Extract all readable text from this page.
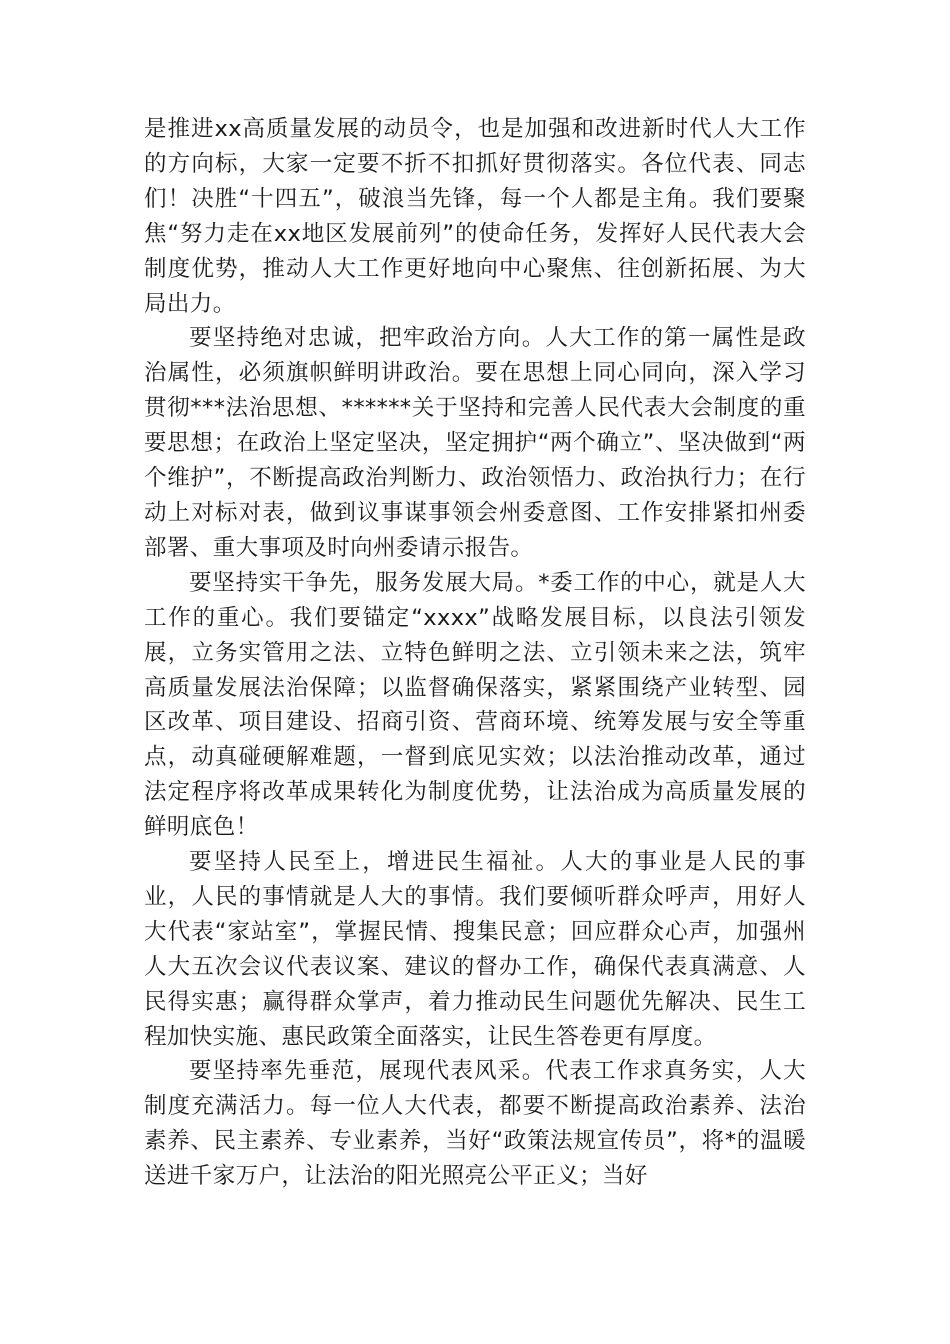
是推进xx高质量发展的动员令，也是加强和改进新时代人大工作的方向标，大家一定要不折不扣抓好贯彻落实。各位代表、同志们！决胜“十四五”，破浪当先锋，每一个人都是主角。我们要聚焦“努力走在xx地区发展前列”的使命任务，发挥好人民代表大会制度优势，推动人大工作更好地向中心聚焦、往创新拓展、为大局出力。

要坚持绝对忠诚，把牢政治方向。人大工作的第一属性是政治属性，必须旗帜鲜明讲政治。要在思想上同心同向，深入学习贯彻***法治思想、******关于坚持和完善人民代表大会制度的重要思想；在政治上坚定坚决，坚定拥护“两个确立”、坚决做到“两个维护”，不断提高政治判断力、政治领悟力、政治执行力；在行动上对标对表，做到议事谋事领会州委意图、工作安排紧扣州委部署、重大事项及时向州委请示报告。

要坚持实干争先，服务发展大局。*委工作的中心，就是人大工作的重心。我们要锚定“xxxx”战略发展目标，以良法引领发展，立务实管用之法、立特色鲜明之法、立引领未来之法，筑牢高质量发展法治保障；以监督确保落实，紧紧围绕产业转型、园区改革、项目建设、招商引资、营商环境、统筹发展与安全等重点，动真碰硬解难题，一督到底见实效；以法治推动改革，通过法定程序将改革成果转化为制度优势，让法治成为高质量发展的鲜明底色！

要坚持人民至上，增进民生福祉。人大的事业是人民的事业，人民的事情就是人大的事情。我们要倾听群众呼声，用好人大代表“家站室”，掌握民情、搜集民意；回应群众心声，加强州人大五次会议代表议案、建议的督办工作，确保代表真满意、人民得实惠；赢得群众掌声，着力推动民生问题优先解决、民生工程加快实施、惠民政策全面落实，让民生答卷更有厚度。

要坚持率先垂范，展现代表风采。代表工作求真务实，人大制度充满活力。每一位人大代表，都要不断提高政治素养、法治素养、民主素养、专业素养，当好“政策法规宣传员”，将*的温暖送进千家万户，让法治的阳光照亮公平正义；当好
